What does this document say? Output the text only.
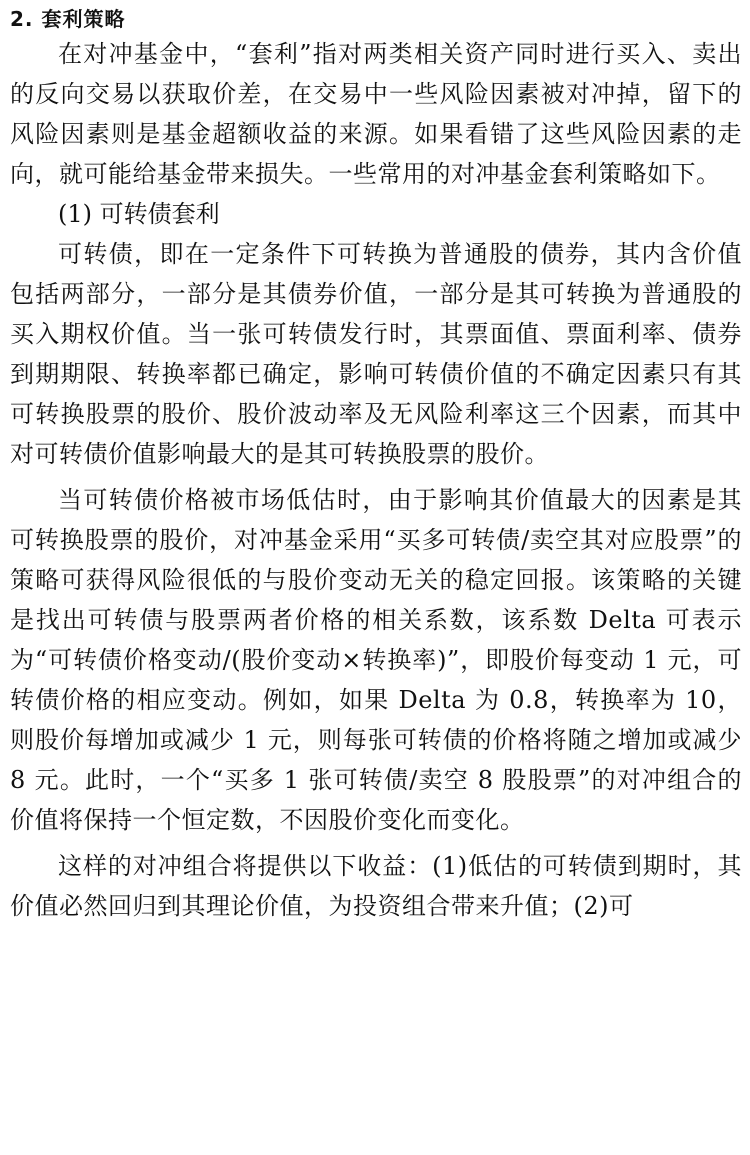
2. 套利策略

在对冲基金中，“套利”指对两类相关资产同时进行买入、卖出的反向交易以获取价差，在交易中一些风险因素被对冲掉，留下的风险因素则是基金超额收益的来源。如果看错了这些风险因素的走向，就可能给基金带来损失。一些常用的对冲基金套利策略如下。

(1) 可转债套利

可转债，即在一定条件下可转换为普通股的债券，其内含价值包括两部分，一部分是其债券价值，一部分是其可转换为普通股的买入期权价值。当一张可转债发行时，其票面值、票面利率、债券到期期限、转换率都已确定，影响可转债价值的不确定因素只有其可转换股票的股价、股价波动率及无风险利率这三个因素，而其中对可转债价值影响最大的是其可转换股票的股价。

当可转债价格被市场低估时，由于影响其价值最大的因素是其可转换股票的股价，对冲基金采用“买多可转债/卖空其对应股票”的策略可获得风险很低的与股价变动无关的稳定回报。该策略的关键是找出可转债与股票两者价格的相关系数，该系数 Delta 可表示为“可转债价格变动/(股价变动×转换率)”，即股价每变动 1 元，可转债价格的相应变动。例如，如果 Delta 为 0.8，转换率为 10，则股价每增加或减少 1 元，则每张可转债的价格将随之增加或减少 8 元。此时，一个“买多 1 张可转债/卖空 8 股股票”的对冲组合的价值将保持一个恒定数，不因股价变化而变化。

这样的对冲组合将提供以下收益：(1)低估的可转债到期时，其价值必然回归到其理论价值，为投资组合带来升值；(2)可
